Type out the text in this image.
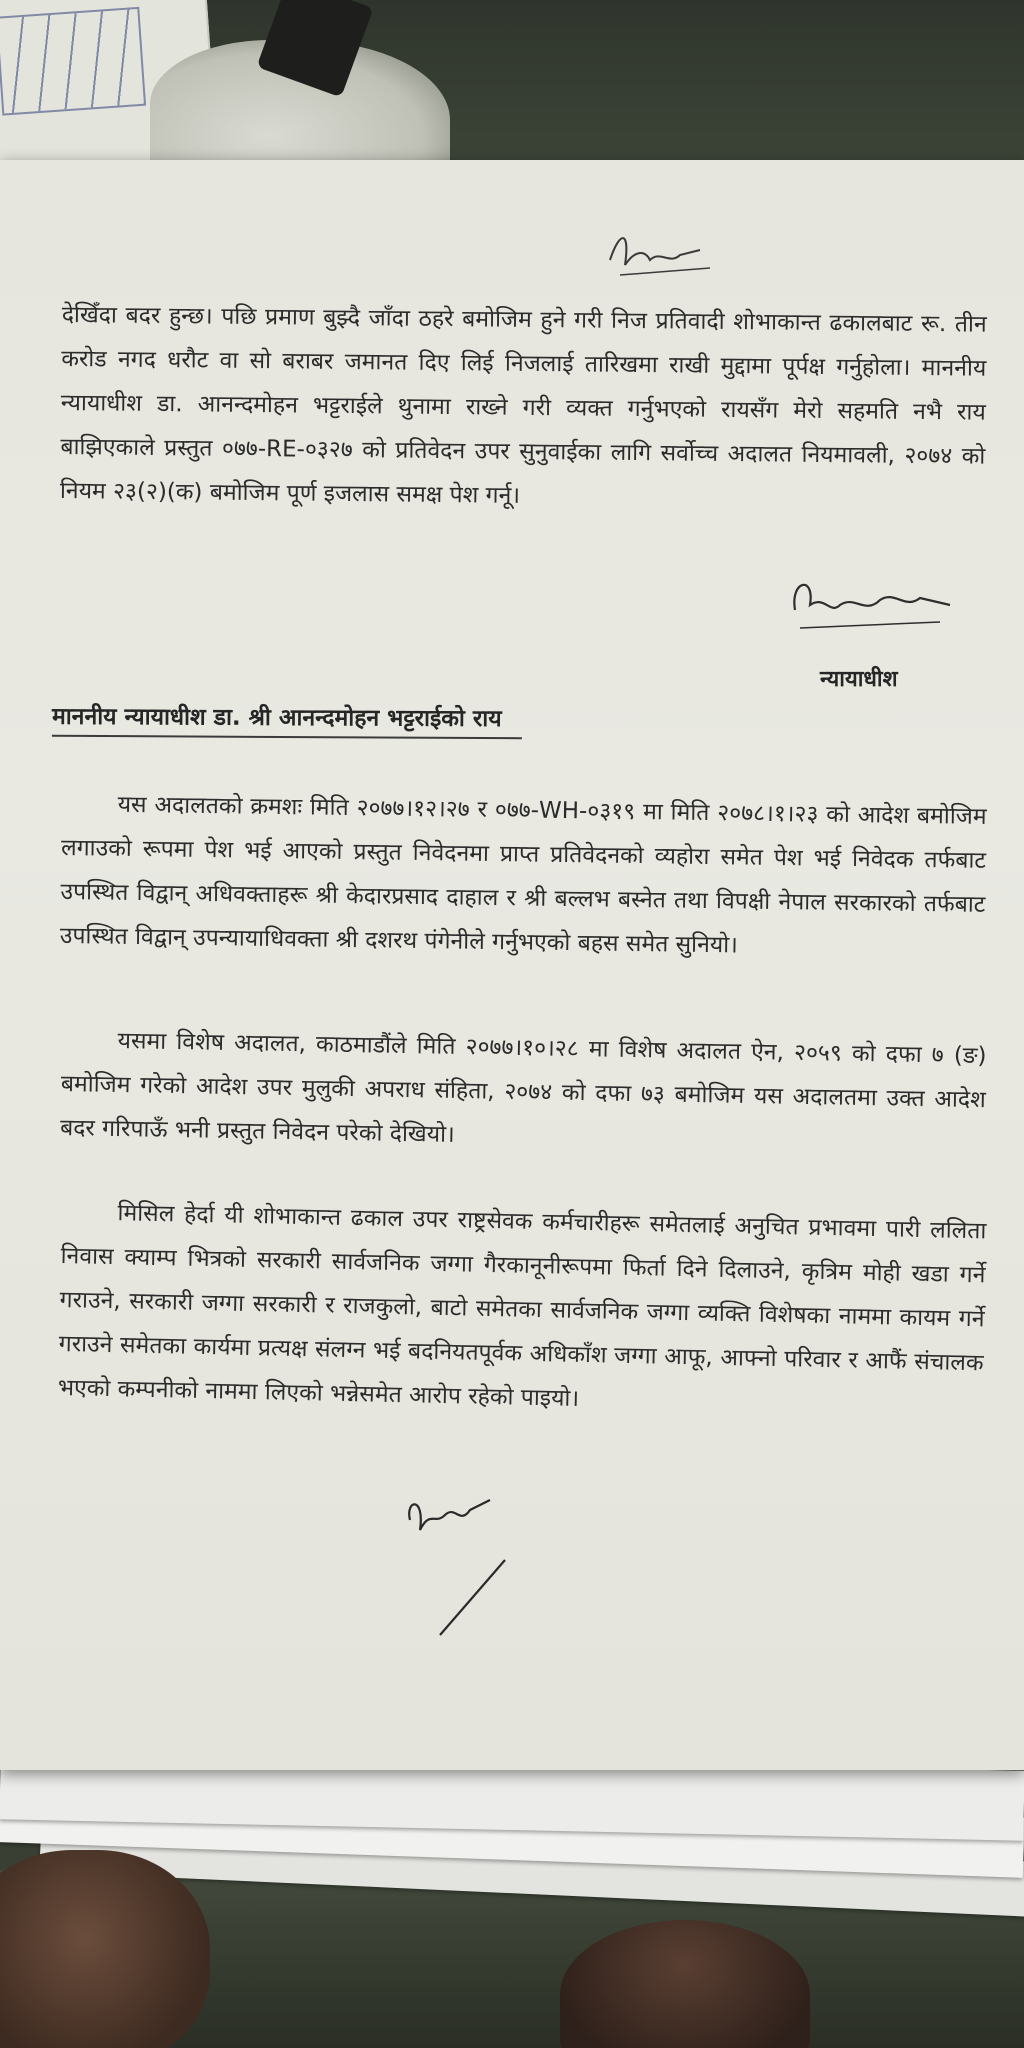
देखिँदा बदर हुन्छ। पछि प्रमाण बुझ्दै जाँदा ठहरे बमोजिम हुने गरी निज प्रतिवादी शोभाकान्त ढकालबाट रू. तीन करोड नगद धरौट वा सो बराबर जमानत दिए लिई निजलाई तारिखमा राखी मुद्दामा पूर्पक्ष गर्नुहोला। माननीय न्यायाधीश डा. आनन्दमोहन भट्टराईले थुनामा राख्ने गरी व्यक्त गर्नुभएको रायसँग मेरो सहमति नभै राय बाझिएकाले प्रस्तुत ०७७-RE-०३२७ को प्रतिवेदन उपर सुनुवाईका लागि सर्वोच्च अदालत नियमावली, २०७४ को नियम २३(२)(क) बमोजिम पूर्ण इजलास समक्ष पेश गर्नू।

न्यायाधीश
माननीय न्यायाधीश डा. श्री आनन्दमोहन भट्टराईको राय

यस अदालतको क्रमशः मिति २०७७।१२।२७ र ०७७-WH-०३१९ मा मिति २०७८।१।२३ को आदेश बमोजिम लगाउको रूपमा पेश भई आएको प्रस्तुत निवेदनमा प्राप्त प्रतिवेदनको व्यहोरा समेत पेश भई निवेदक तर्फबाट उपस्थित विद्वान् अधिवक्ताहरू श्री केदारप्रसाद दाहाल र श्री बल्लभ बस्नेत तथा विपक्षी नेपाल सरकारको तर्फबाट उपस्थित विद्वान् उपन्यायाधिवक्ता श्री दशरथ पंगेनीले गर्नुभएको बहस समेत सुनियो।

यसमा विशेष अदालत, काठमाडौंले मिति २०७७।१०।२८ मा विशेष अदालत ऐन, २०५९ को दफा ७ (ङ) बमोजिम गरेको आदेश उपर मुलुकी अपराध संहिता, २०७४ को दफा ७३ बमोजिम यस अदालतमा उक्त आदेश बदर गरिपाऊँ भनी प्रस्तुत निवेदन परेको देखियो।

मिसिल हेर्दा यी शोभाकान्त ढकाल उपर राष्ट्रसेवक कर्मचारीहरू समेतलाई अनुचित प्रभावमा पारी ललिता निवास क्याम्प भित्रको सरकारी सार्वजनिक जग्गा गैरकानूनीरूपमा फिर्ता दिने दिलाउने, कृत्रिम मोही खडा गर्ने गराउने, सरकारी जग्गा सरकारी र राजकुलो, बाटो समेतका सार्वजनिक जग्गा व्यक्ति विशेषका नाममा कायम गर्ने गराउने समेतका कार्यमा प्रत्यक्ष संलग्न भई बदनियतपूर्वक अधिकाँश जग्गा आफू, आफ्नो परिवार र आफैं संचालक भएको कम्पनीको नाममा लिएको भन्नेसमेत आरोप रहेको पाइयो।
